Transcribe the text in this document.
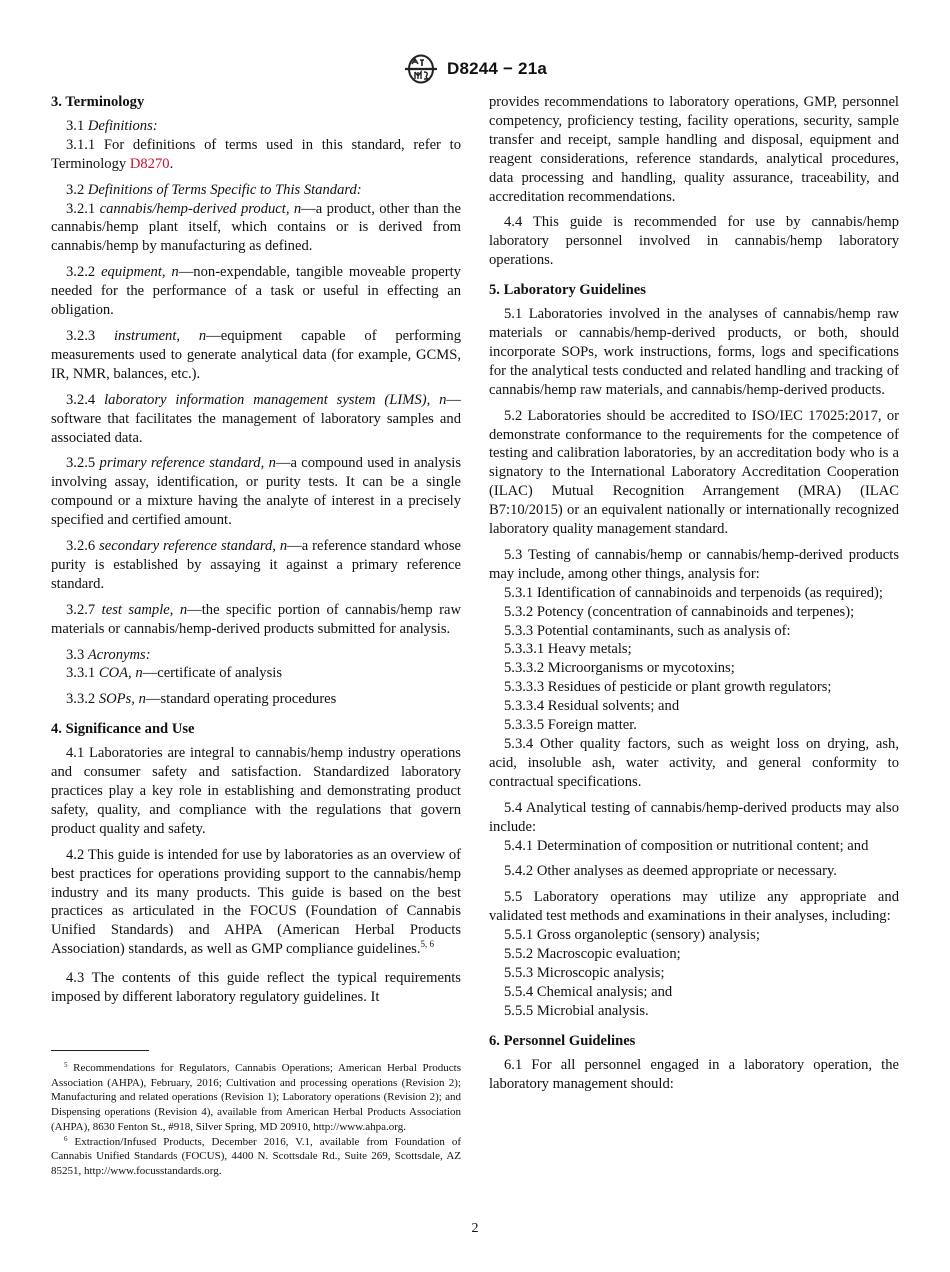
D8244 − 21a

3. Terminology

3.1 Definitions:

3.1.1 For definitions of terms used in this standard, refer to Terminology D8270.

3.2 Definitions of Terms Specific to This Standard:

3.2.1 cannabis/hemp-derived product, n—a product, other than the cannabis/hemp plant itself, which contains or is derived from cannabis/hemp by manufacturing as defined.

3.2.2 equipment, n—non-expendable, tangible moveable property needed for the performance of a task or useful in effecting an obligation.

3.2.3 instrument, n—equipment capable of performing measurements used to generate analytical data (for example, GCMS, IR, NMR, balances, etc.).

3.2.4 laboratory information management system (LIMS), n—software that facilitates the management of laboratory samples and associated data.

3.2.5 primary reference standard, n—a compound used in analysis involving assay, identification, or purity tests. It can be a single compound or a mixture having the analyte of interest in a precisely specified and certified amount.

3.2.6 secondary reference standard, n—a reference standard whose purity is established by assaying it against a primary reference standard.

3.2.7 test sample, n—the specific portion of cannabis/hemp raw materials or cannabis/hemp-derived products submitted for analysis.

3.3 Acronyms:

3.3.1 COA, n—certificate of analysis

3.3.2 SOPs, n—standard operating procedures

4. Significance and Use

4.1 Laboratories are integral to cannabis/hemp industry operations and consumer safety and satisfaction. Standardized laboratory practices play a key role in establishing and demonstrating product safety, quality, and compliance with the regulations that govern product quality and safety.

4.2 This guide is intended for use by laboratories as an overview of best practices for operations providing support to the cannabis/hemp industry and its many products. This guide is based on the best practices as articulated in the FOCUS (Foundation of Cannabis Unified Standards) and AHPA (American Herbal Products Association) standards, as well as GMP compliance guidelines.$^{5, 6}$

4.3 The contents of this guide reflect the typical requirements imposed by different laboratory regulatory guidelines. It

provides recommendations to laboratory operations, GMP, personnel competency, proficiency testing, facility operations, security, sample transfer and receipt, sample handling and disposal, equipment and reagent considerations, reference standards, analytical procedures, data processing and handling, quality assurance, traceability, and accreditation recommendations.

4.4 This guide is recommended for use by cannabis/hemp laboratory personnel involved in cannabis/hemp laboratory operations.

5. Laboratory Guidelines

5.1 Laboratories involved in the analyses of cannabis/hemp raw materials or cannabis/hemp-derived products, or both, should incorporate SOPs, work instructions, forms, logs and specifications for the analytical tests conducted and related handling and tracking of cannabis/hemp raw materials, and cannabis/hemp-derived products.

5.2 Laboratories should be accredited to ISO/IEC 17025:2017, or demonstrate conformance to the requirements for the competence of testing and calibration laboratories, by an accreditation body who is a signatory to the International Laboratory Accreditation Cooperation (ILAC) Mutual Recognition Arrangement (MRA) (ILAC B7:10/2015) or an equivalent nationally or internationally recognized laboratory quality management standard.

5.3 Testing of cannabis/hemp or cannabis/hemp-derived products may include, among other things, analysis for:

5.3.1 Identification of cannabinoids and terpenoids (as required);

5.3.2 Potency (concentration of cannabinoids and terpenes);

5.3.3 Potential contaminants, such as analysis of:

5.3.3.1 Heavy metals;

5.3.3.2 Microorganisms or mycotoxins;

5.3.3.3 Residues of pesticide or plant growth regulators;

5.3.3.4 Residual solvents; and

5.3.3.5 Foreign matter.

5.3.4 Other quality factors, such as weight loss on drying, ash, acid, insoluble ash, water activity, and general conformity to contractual specifications.

5.4 Analytical testing of cannabis/hemp-derived products may also include:

5.4.1 Determination of composition or nutritional content; and

5.4.2 Other analyses as deemed appropriate or necessary.

5.5 Laboratory operations may utilize any appropriate and validated test methods and examinations in their analyses, including:

5.5.1 Gross organoleptic (sensory) analysis;

5.5.2 Macroscopic evaluation;

5.5.3 Microscopic analysis;

5.5.4 Chemical analysis; and

5.5.5 Microbial analysis.

6. Personnel Guidelines

6.1 For all personnel engaged in a laboratory operation, the laboratory management should:

$^5$ Recommendations for Regulators, Cannabis Operations; American Herbal Products Association (AHPA), February, 2016; Cultivation and processing operations (Revision 2); Manufacturing and related operations (Revision 1); Laboratory operations (Revision 2); and Dispensing operations (Revision 4), available from American Herbal Products Association (AHPA), 8630 Fenton St., #918, Silver Spring, MD 20910, http://www.ahpa.org.

$^6$ Extraction/Infused Products, December 2016, V.1, available from Foundation of Cannabis Unified Standards (FOCUS), 4400 N. Scottsdale Rd., Suite 269, Scottsdale, AZ 85251, http://www.focusstandards.org.

2
